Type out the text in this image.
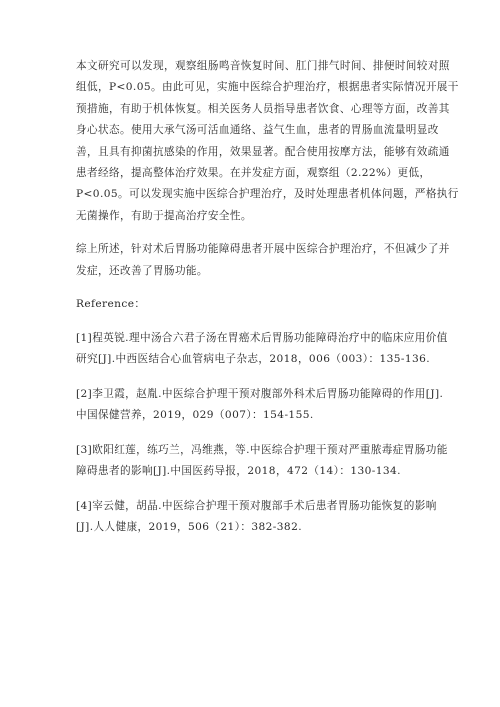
本文研究可以发现，观察组肠鸣音恢复时间、肛门排气时间、排便时间较对照
组低，P<0.05。由此可见，实施中医综合护理治疗，根据患者实际情况开展干
预措施，有助于机体恢复。相关医务人员指导患者饮食、心理等方面，改善其
身心状态。使用大承气汤可活血通络、益气生血，患者的胃肠血流量明显改
善，且具有抑菌抗感染的作用，效果显著。配合使用按摩方法，能够有效疏通
患者经络，提高整体治疗效果。在并发症方面，观察组（2.22%）更低，
P<0.05。可以发现实施中医综合护理治疗，及时处理患者机体问题，严格执行
无菌操作，有助于提高治疗安全性。

综上所述，针对术后胃肠功能障碍患者开展中医综合护理治疗，不但减少了并
发症，还改善了胃肠功能。

Reference：

[1]程英锐.理中汤合六君子汤在胃癌术后胃肠功能障碍治疗中的临床应用价值
研究[J].中西医结合心血管病电子杂志，2018，006（003）：135-136.
[2]李卫霞，赵胤.中医综合护理干预对腹部外科术后胃肠功能障碍的作用[J].
中国保健营养，2019，029（007）：154-155.
[3]欧阳红莲，练巧兰，冯维燕，等.中医综合护理干预对严重脓毒症胃肠功能
障碍患者的影响[J].中国医药导报，2018，472（14）：130-134.
[4]宰云健，胡晶.中医综合护理干预对腹部手术后患者胃肠功能恢复的影响
[J].人人健康，2019，506（21）：382-382.
